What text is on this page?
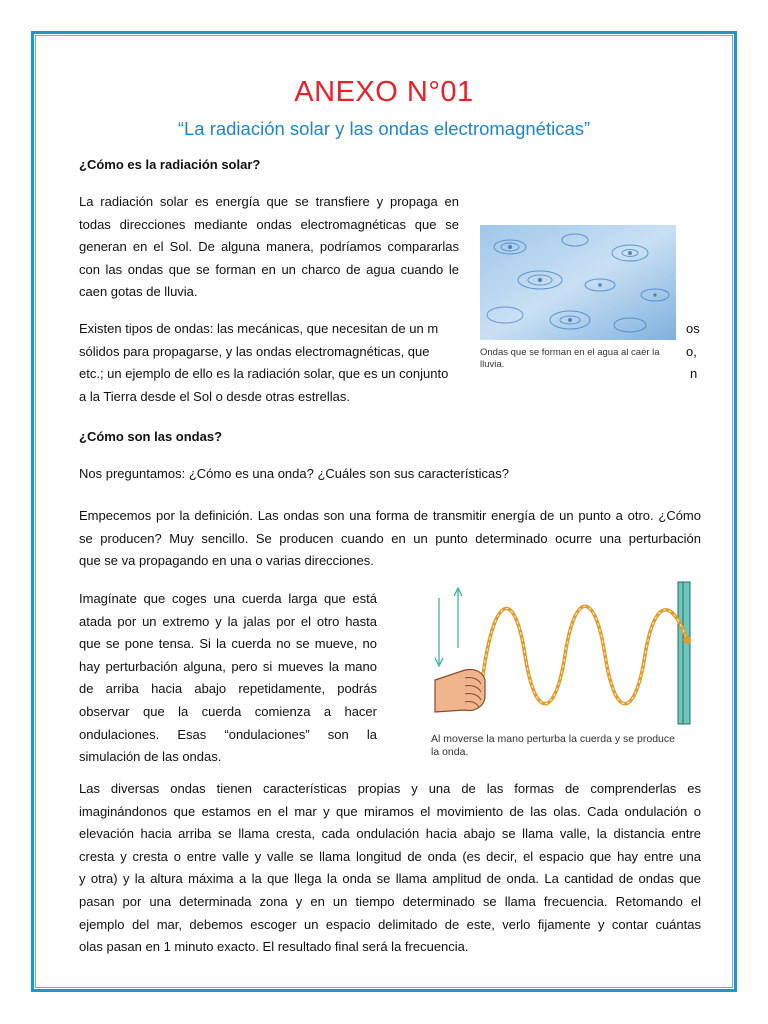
ANEXO N°01
“La radiación solar y las ondas electromagnéticas”
¿Cómo es la radiación solar?
La radiación solar es energía que se transfiere y propaga en
todas direcciones mediante ondas electromagnéticas que se
generan en el Sol. De alguna manera, podríamos compararlas
con las ondas que se forman en un charco de agua cuando le
caen gotas de lluvia.
Existen tipos de ondas: las mecánicas, que necesitan de un m
sólidos para propagarse, y las ondas electromagnéticas, que
etc.; un ejemplo de ello es la radiación solar, que es un conjunto
a la Tierra desde el Sol o desde otras estrellas.
os
o,
n
Ondas que se forman en el agua al caer la lluvia.
¿Cómo son las ondas?
Nos preguntamos: ¿Cómo es una onda? ¿Cuáles son sus características?
Empecemos por la definición. Las ondas son una forma de transmitir energía de un punto a otro. ¿Cómo
se producen? Muy sencillo. Se producen cuando en un punto determinado ocurre una perturbación
que se va propagando en una o varias direcciones.
Imagínate que coges una cuerda larga que está
atada por un extremo y la jalas por el otro hasta
que se pone tensa. Si la cuerda no se mueve, no
hay perturbación alguna, pero si mueves la mano
de arriba hacia abajo repetidamente, podrás
observar que la cuerda comienza a hacer
ondulaciones. Esas “ondulaciones” son la
simulación de las ondas.
Al moverse la mano perturba la cuerda y se produce la onda.
Las diversas ondas tienen características propias y una de las formas de comprenderlas es
imaginándonos que estamos en el mar y que miramos el movimiento de las olas. Cada ondulación o
elevación hacia arriba se llama cresta, cada ondulación hacia abajo se llama valle, la distancia entre
cresta y cresta o entre valle y valle se llama longitud de onda (es decir, el espacio que hay entre una
y otra) y la altura máxima a la que llega la onda se llama amplitud de onda. La cantidad de ondas que
pasan por una determinada zona y en un tiempo determinado se llama frecuencia. Retomando el
ejemplo del mar, debemos escoger un espacio delimitado de este, verlo fijamente y contar cuántas
olas pasan en 1 minuto exacto. El resultado final será la frecuencia.
